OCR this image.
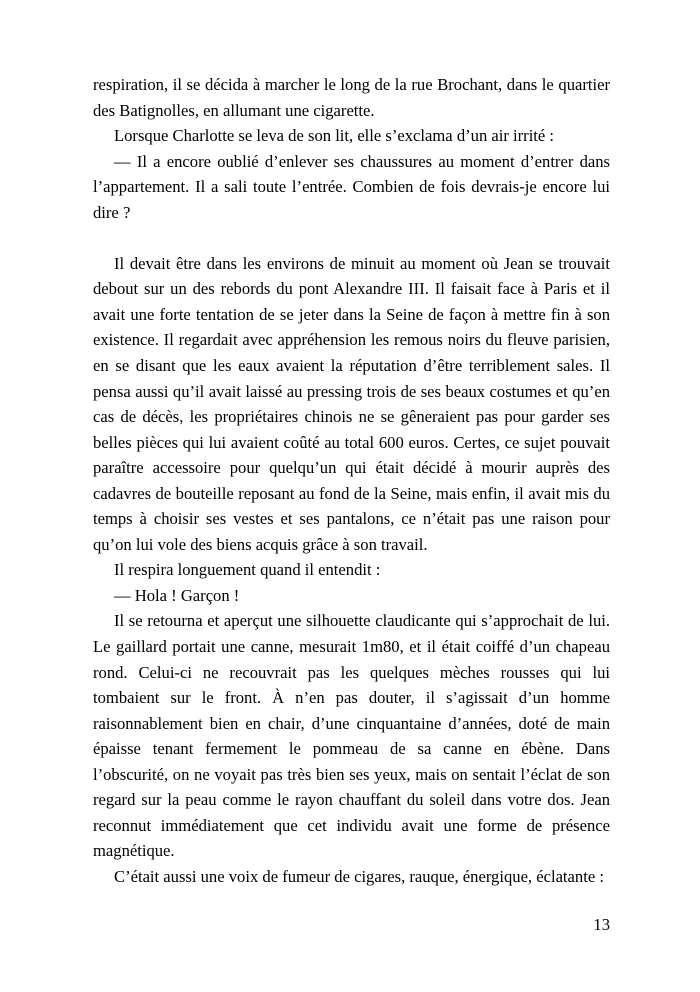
respiration, il se décida à marcher le long de la rue Brochant, dans le quartier des Batignolles, en allumant une cigarette.

Lorsque Charlotte se leva de son lit, elle s’exclama d’un air irrité :

— Il a encore oublié d’enlever ses chaussures au moment d’entrer dans l’appartement. Il a sali toute l’entrée. Combien de fois devrais-je encore lui dire ?

Il devait être dans les environs de minuit au moment où Jean se trouvait debout sur un des rebords du pont Alexandre III. Il faisait face à Paris et il avait une forte tentation de se jeter dans la Seine de façon à mettre fin à son existence. Il regardait avec appréhension les remous noirs du fleuve parisien, en se disant que les eaux avaient la réputation d’être terriblement sales. Il pensa aussi qu’il avait laissé au pressing trois de ses beaux costumes et qu’en cas de décès, les propriétaires chinois ne se gêneraient pas pour garder ses belles pièces qui lui avaient coûté au total 600 euros. Certes, ce sujet pouvait paraître accessoire pour quelqu’un qui était décidé à mourir auprès des cadavres de bouteille reposant au fond de la Seine, mais enfin, il avait mis du temps à choisir ses vestes et ses pantalons, ce n’était pas une raison pour qu’on lui vole des biens acquis grâce à son travail.

Il respira longuement quand il entendit :

— Hola ! Garçon !

Il se retourna et aperçut une silhouette claudicante qui s’approchait de lui. Le gaillard portait une canne, mesurait 1m80, et il était coiffé d’un chapeau rond. Celui-ci ne recouvrait pas les quelques mèches rousses qui lui tombaient sur le front. À n’en pas douter, il s’agissait d’un homme raisonnablement bien en chair, d’une cinquantaine d’années, doté de main épaisse tenant fermement le pommeau de sa canne en ébène. Dans l’obscurité, on ne voyait pas très bien ses yeux, mais on sentait l’éclat de son regard sur la peau comme le rayon chauffant du soleil dans votre dos. Jean reconnut immédiatement que cet individu avait une forme de présence magnétique.

C’était aussi une voix de fumeur de cigares, rauque, énergique, éclatante :

13
